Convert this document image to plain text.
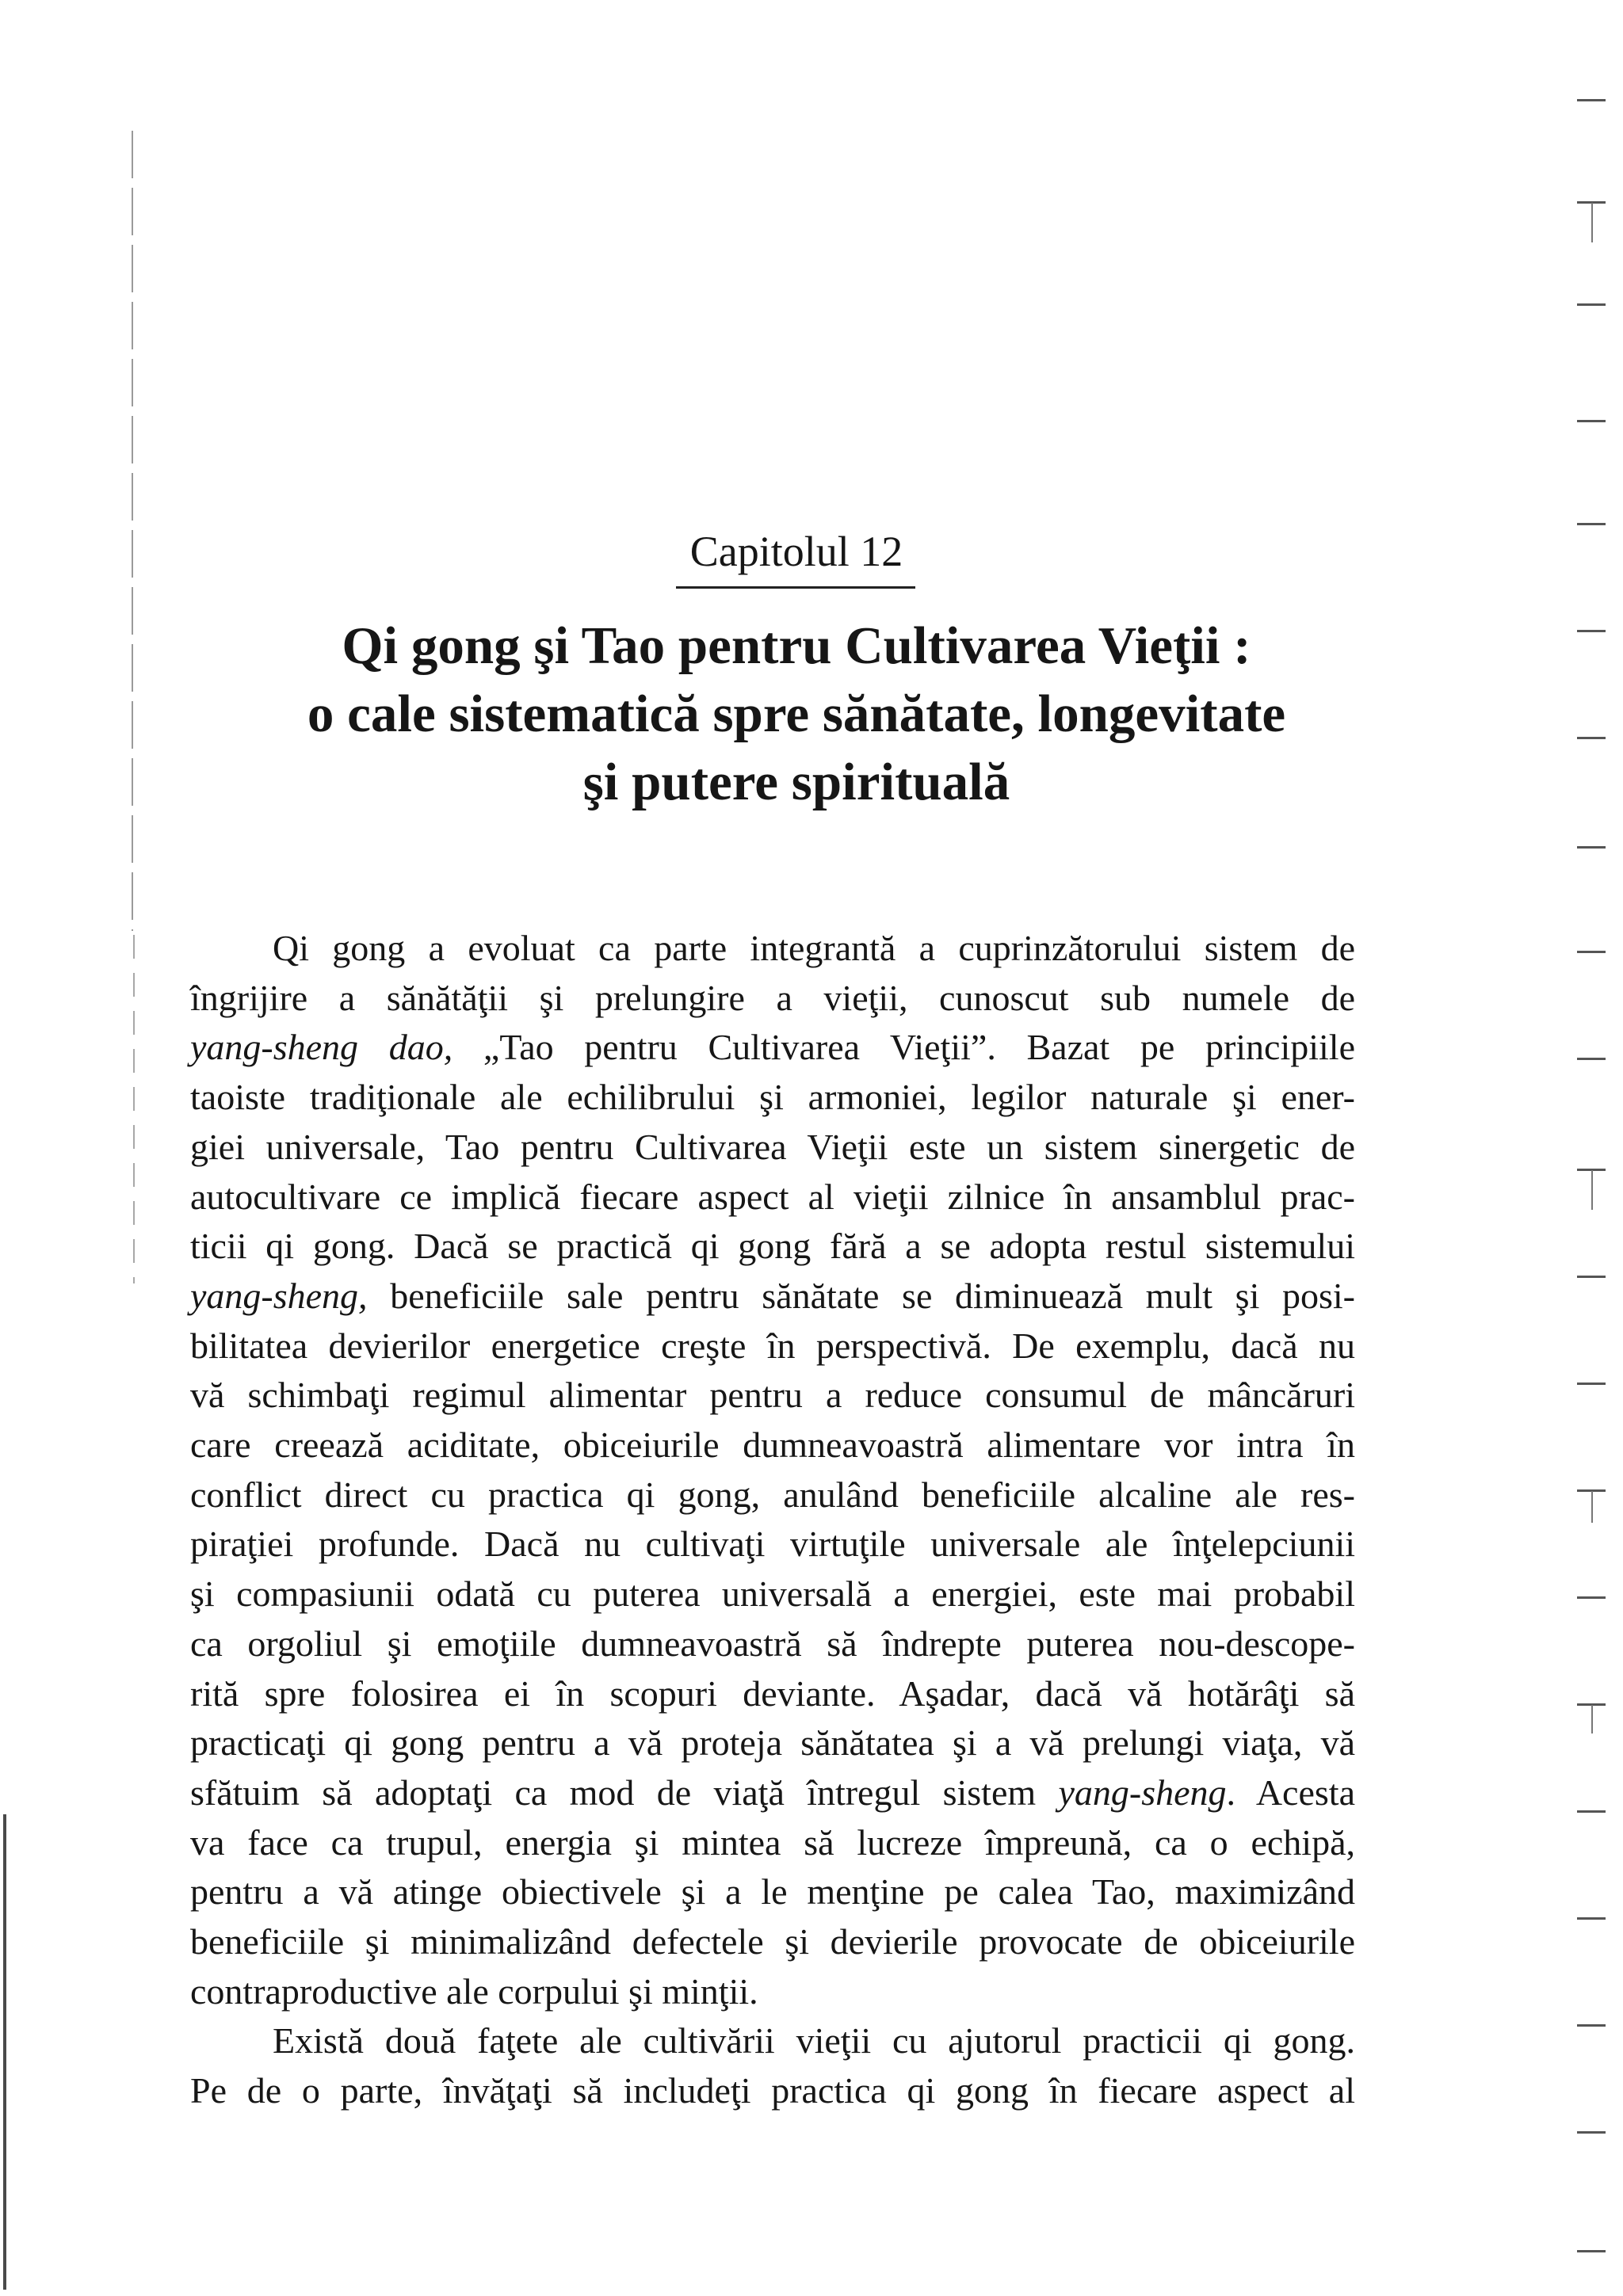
Capitolul 12
Qi gong şi Tao pentru Cultivarea Vieţii :
o cale sistematică spre sănătate, longevitate
şi putere spirituală
Qi gong a evoluat ca parte integrantă a cuprinzătorului sistem de
îngrijire a sănătăţii şi prelungire a vieţii, cunoscut sub numele de
yang-sheng dao, „Tao pentru Cultivarea Vieţii”. Bazat pe principiile
taoiste tradiţionale ale echilibrului şi armoniei, legilor naturale şi ener-
giei universale, Tao pentru Cultivarea Vieţii este un sistem sinergetic de
autocultivare ce implică fiecare aspect al vieţii zilnice în ansamblul prac-
ticii qi gong. Dacă se practică qi gong fără a se adopta restul sistemului
yang-sheng, beneficiile sale pentru sănătate se diminuează mult şi posi-
bilitatea devierilor energetice creşte în perspectivă. De exemplu, dacă nu
vă schimbaţi regimul alimentar pentru a reduce consumul de mâncăruri
care creează aciditate, obiceiurile dumneavoastră alimentare vor intra în
conflict direct cu practica qi gong, anulând beneficiile alcaline ale res-
piraţiei profunde. Dacă nu cultivaţi virtuţile universale ale înţelepciunii
şi compasiunii odată cu puterea universală a energiei, este mai probabil
ca orgoliul şi emoţiile dumneavoastră să îndrepte puterea nou-descope-
rită spre folosirea ei în scopuri deviante. Aşadar, dacă vă hotărâţi să
practicaţi qi gong pentru a vă proteja sănătatea şi a vă prelungi viaţa, vă
sfătuim să adoptaţi ca mod de viaţă întregul sistem yang-sheng. Acesta
va face ca trupul, energia şi mintea să lucreze împreună, ca o echipă,
pentru a vă atinge obiectivele şi a le menţine pe calea Tao, maximizând
beneficiile şi minimalizând defectele şi devierile provocate de obiceiurile
contraproductive ale corpului şi minţii.
Există două faţete ale cultivării vieţii cu ajutorul practicii qi gong.
Pe de o parte, învăţaţi să includeţi practica qi gong în fiecare aspect al
